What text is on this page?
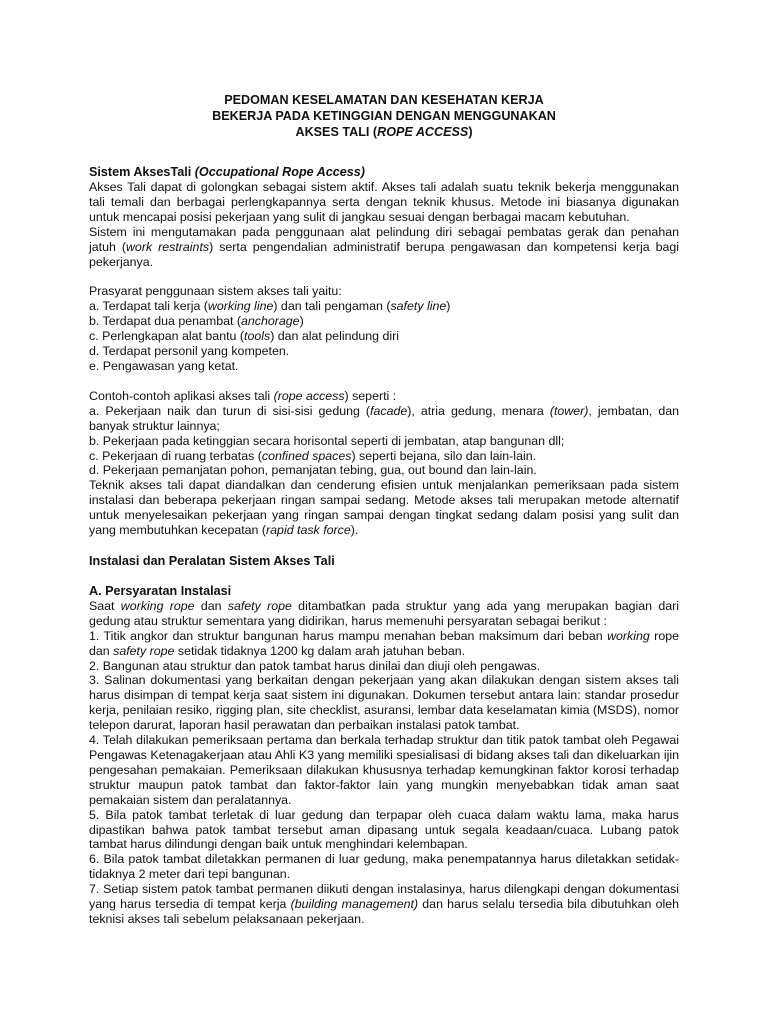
PEDOMAN KESELAMATAN DAN KESEHATAN KERJA
BEKERJA PADA KETINGGIAN DENGAN MENGGUNAKAN
AKSES TALI (ROPE ACCESS)
Sistem AksesTali (Occupational Rope Access)

Akses Tali dapat di golongkan sebagai sistem aktif. Akses tali adalah suatu teknik bekerja menggunakan tali temali dan berbagai perlengkapannya serta dengan teknik khusus. Metode ini biasanya digunakan untuk mencapai posisi pekerjaan yang sulit di jangkau sesuai dengan berbagai macam kebutuhan.

Sistem ini mengutamakan pada penggunaan alat pelindung diri sebagai pembatas gerak dan penahan jatuh (work restraints) serta pengendalian administratif berupa pengawasan dan kompetensi kerja bagi pekerjanya.

Prasyarat penggunaan sistem akses tali yaitu:

a. Terdapat tali kerja (working line) dan tali pengaman (safety line)

b. Terdapat dua penambat (anchorage)

c. Perlengkapan alat bantu (tools) dan alat pelindung diri

d. Terdapat personil yang kompeten.

e. Pengawasan yang ketat.

Contoh-contoh aplikasi akses tali (rope access) seperti :

a. Pekerjaan naik dan turun di sisi-sisi gedung (facade), atria gedung, menara (tower), jembatan, dan banyak struktur lainnya;

b. Pekerjaan pada ketinggian secara horisontal seperti di jembatan, atap bangunan dll;

c. Pekerjaan di ruang terbatas (confined spaces) seperti bejana, silo dan lain-lain.

d. Pekerjaan pemanjatan pohon, pemanjatan tebing, gua, out bound dan lain-lain.

Teknik akses tali dapat diandalkan dan cenderung efisien untuk menjalankan pemeriksaan pada sistem instalasi dan beberapa pekerjaan ringan sampai sedang. Metode akses tali merupakan metode alternatif untuk menyelesaikan pekerjaan yang ringan sampai dengan tingkat sedang dalam posisi yang sulit dan yang membutuhkan kecepatan (rapid task force).

Instalasi dan Peralatan Sistem Akses Tali
A. Persyaratan Instalasi

Saat working rope dan safety rope ditambatkan pada struktur yang ada yang merupakan bagian dari gedung atau struktur sementara yang didirikan, harus memenuhi persyaratan sebagai berikut :

1. Titik angkor dan struktur bangunan harus mampu menahan beban maksimum dari beban working rope dan safety rope setidak tidaknya 1200 kg dalam arah jatuhan beban.

2. Bangunan atau struktur dan patok tambat harus dinilai dan diuji oleh pengawas.

3. Salinan dokumentasi yang berkaitan dengan pekerjaan yang akan dilakukan dengan sistem akses tali harus disimpan di tempat kerja saat sistem ini digunakan. Dokumen tersebut antara lain: standar prosedur kerja, penilaian resiko, rigging plan, site checklist, asuransi, lembar data keselamatan kimia (MSDS), nomor telepon darurat, laporan hasil perawatan dan perbaikan instalasi patok tambat.

4. Telah dilakukan pemeriksaan pertama dan berkala terhadap struktur dan titik patok tambat oleh Pegawai Pengawas Ketenagakerjaan atau Ahli K3 yang memiliki spesialisasi di bidang akses tali dan dikeluarkan ijin pengesahan pemakaian. Pemeriksaan dilakukan khususnya terhadap kemungkinan faktor korosi terhadap struktur maupun patok tambat dan faktor-faktor lain yang mungkin menyebabkan tidak aman saat pemakaian sistem dan peralatannya.

5. Bila patok tambat terletak di luar gedung dan terpapar oleh cuaca dalam waktu lama, maka harus dipastikan bahwa patok tambat tersebut aman dipasang untuk segala keadaan/cuaca. Lubang patok tambat harus dilindungi dengan baik untuk menghindari kelembapan.

6. Bila patok tambat diletakkan permanen di luar gedung, maka penempatannya harus diletakkan setidak-tidaknya 2 meter dari tepi bangunan.

7. Setiap sistem patok tambat permanen diikuti dengan instalasinya, harus dilengkapi dengan dokumentasi yang harus tersedia di tempat kerja (building management) dan harus selalu tersedia bila dibutuhkan oleh teknisi akses tali sebelum pelaksanaan pekerjaan.
